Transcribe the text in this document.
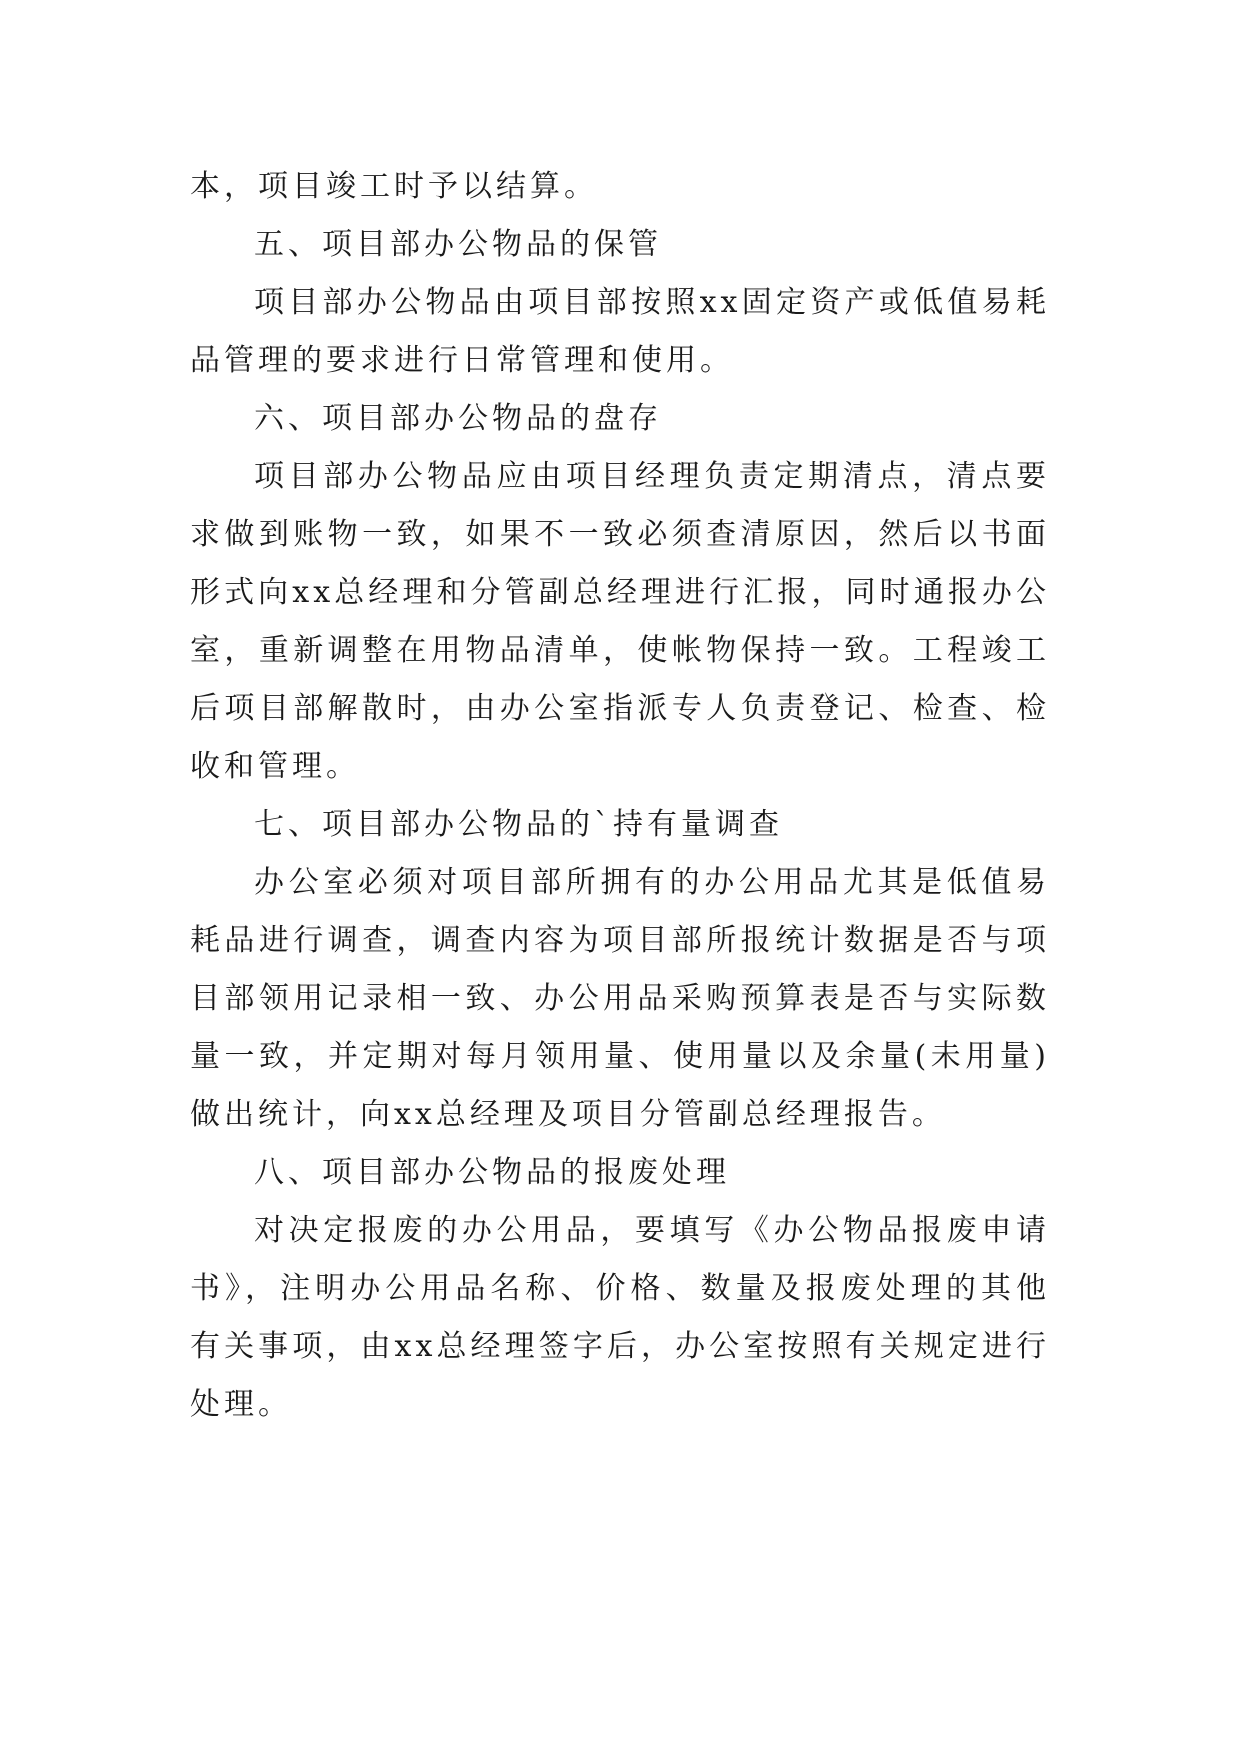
本，项目竣工时予以结算。

五、项目部办公物品的保管

项目部办公物品由项目部按照xx固定资产或低值易耗品管理的要求进行日常管理和使用。

六、项目部办公物品的盘存

项目部办公物品应由项目经理负责定期清点，清点要求做到账物一致，如果不一致必须查清原因，然后以书面形式向xx总经理和分管副总经理进行汇报，同时通报办公室，重新调整在用物品清单，使帐物保持一致。工程竣工后项目部解散时，由办公室指派专人负责登记、检查、检收和管理。

七、项目部办公物品的`持有量调查

办公室必须对项目部所拥有的办公用品尤其是低值易耗品进行调查，调查内容为项目部所报统计数据是否与项目部领用记录相一致、办公用品采购预算表是否与实际数量一致，并定期对每月领用量、使用量以及余量(未用量)做出统计，向xx总经理及项目分管副总经理报告。

八、项目部办公物品的报废处理

对决定报废的办公用品，要填写《办公物品报废申请书》，注明办公用品名称、价格、数量及报废处理的其他有关事项，由xx总经理签字后，办公室按照有关规定进行处理。
